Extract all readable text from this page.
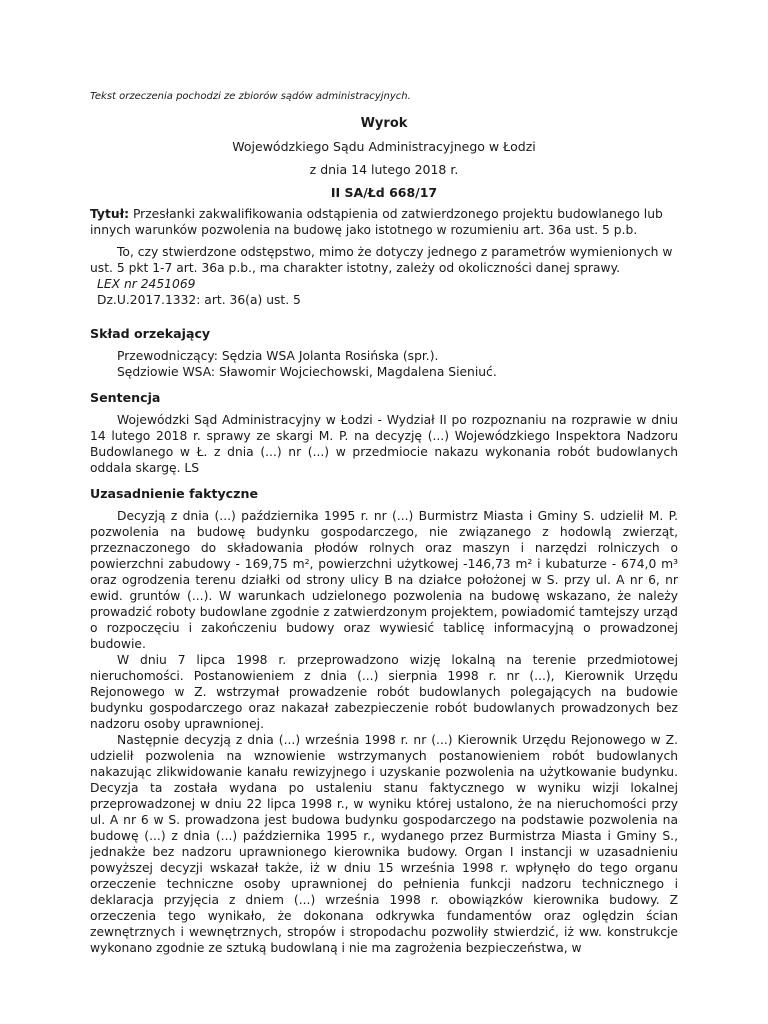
Tekst orzeczenia pochodzi ze zbiorów sądów administracyjnych.

Wyrok
Wojewódzkiego Sądu Administracyjnego w Łodzi
z dnia 14 lutego 2018 r.
II SA/Łd 668/17

Tytuł: Przesłanki zakwalifikowania odstąpienia od zatwierdzonego projektu budowlanego lub innych warunków pozwolenia na budowę jako istotnego w rozumieniu art. 36a ust. 5 p.b.

To, czy stwierdzone odstępstwo, mimo że dotyczy jednego z parametrów wymienionych w ust. 5 pkt 1-7 art. 36a p.b., ma charakter istotny, zależy od okoliczności danej sprawy.

LEX nr 2451069
Dz.U.2017.1332: art. 36(a) ust. 5
Skład orzekający
Przewodniczący: Sędzia WSA Jolanta Rosińska (spr.).
Sędziowie WSA: Sławomir Wojciechowski, Magdalena Sieniuć.
Sentencja

Wojewódzki Sąd Administracyjny w Łodzi - Wydział II po rozpoznaniu na rozprawie w dniu 14 lutego 2018 r. sprawy ze skargi M. P. na decyzję (...) Wojewódzkiego Inspektora Nadzoru Budowlanego w Ł. z dnia (...) nr (...) w przedmiocie nakazu wykonania robót budowlanych oddala skargę. LS

Uzasadnienie faktyczne

Decyzją z dnia (...) października 1995 r. nr (...) Burmistrz Miasta i Gminy S. udzielił M. P. pozwolenia na budowę budynku gospodarczego, nie związanego z hodowlą zwierząt, przeznaczonego do składowania płodów rolnych oraz maszyn i narzędzi rolniczych o powierzchni zabudowy - 169,75 m², powierzchni użytkowej -146,73 m² i kubaturze - 674,0 m³ oraz ogrodzenia terenu działki od strony ulicy B na działce położonej w S. przy ul. A nr 6, nr ewid. gruntów (...). W warunkach udzielonego pozwolenia na budowę wskazano, że należy prowadzić roboty budowlane zgodnie z zatwierdzonym projektem, powiadomić tamtejszy urząd o rozpoczęciu i zakończeniu budowy oraz wywiesić tablicę informacyjną o prowadzonej budowie.

W dniu 7 lipca 1998 r. przeprowadzono wizję lokalną na terenie przedmiotowej nieruchomości. Postanowieniem z dnia (...) sierpnia 1998 r. nr (...), Kierownik Urzędu Rejonowego w Z. wstrzymał prowadzenie robót budowlanych polegających na budowie budynku gospodarczego oraz nakazał zabezpieczenie robót budowlanych prowadzonych bez nadzoru osoby uprawnionej.

Następnie decyzją z dnia (...) września 1998 r. nr (...) Kierownik Urzędu Rejonowego w Z. udzielił pozwolenia na wznowienie wstrzymanych postanowieniem robót budowlanych nakazując zlikwidowanie kanału rewizyjnego i uzyskanie pozwolenia na użytkowanie budynku. Decyzja ta została wydana po ustaleniu stanu faktycznego w wyniku wizji lokalnej przeprowadzonej w dniu 22 lipca 1998 r., w wyniku której ustalono, że na nieruchomości przy ul. A nr 6 w S. prowadzona jest budowa budynku gospodarczego na podstawie pozwolenia na budowę (...) z dnia (...) października 1995 r., wydanego przez Burmistrza Miasta i Gminy S., jednakże bez nadzoru uprawnionego kierownika budowy. Organ I instancji w uzasadnieniu powyższej decyzji wskazał także, iż w dniu 15 września 1998 r. wpłynęło do tego organu orzeczenie techniczne osoby uprawnionej do pełnienia funkcji nadzoru technicznego i deklaracja przyjęcia z dniem (...) września 1998 r. obowiązków kierownika budowy. Z orzeczenia tego wynikało, że dokonana odkrywka fundamentów oraz oględzin ścian zewnętrznych i wewnętrznych, stropów i stropodachu pozwoliły stwierdzić, iż ww. konstrukcje wykonano zgodnie ze sztuką budowlaną i nie ma zagrożenia bezpieczeństwa, w
